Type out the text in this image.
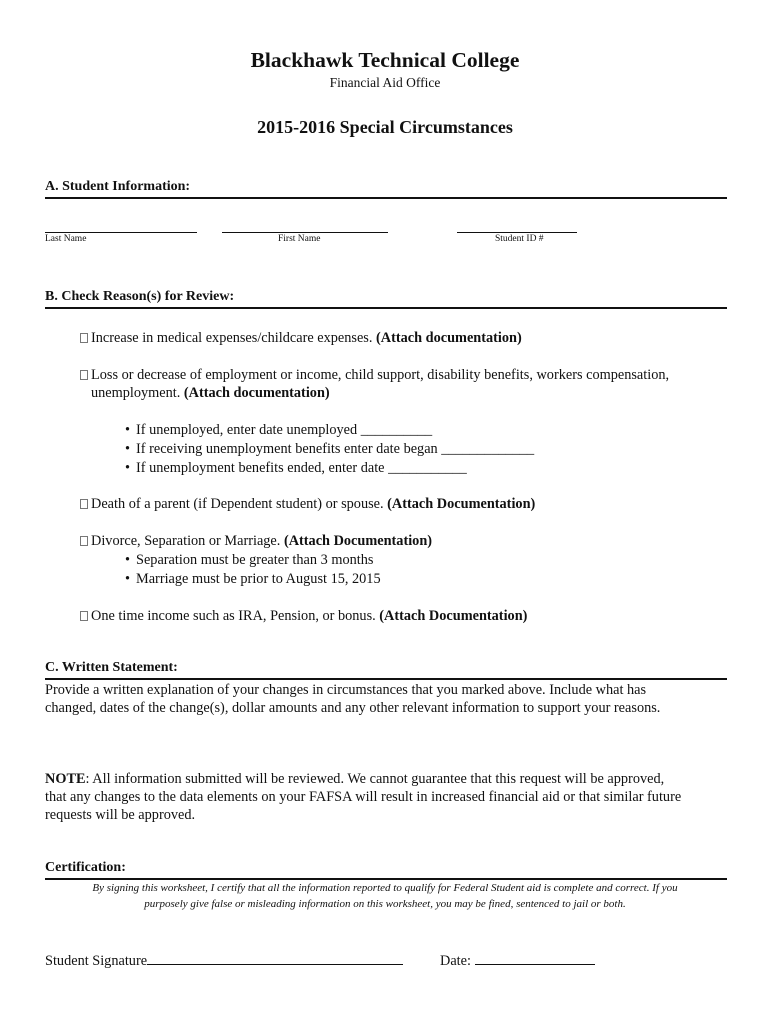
Blackhawk Technical College
Financial Aid Office
2015-2016 Special Circumstances
A. Student Information:
Last Name	First Name	Student ID #
B. Check Reason(s) for Review:
Increase in medical expenses/childcare expenses. (Attach documentation)
Loss or decrease of employment or income, child support, disability benefits, workers compensation,
unemployment. (Attach documentation)
• If unemployed, enter date unemployed __________
• If receiving unemployment benefits enter date began _____________
• If unemployment benefits ended, enter date ___________
Death of a parent (if Dependent student) or spouse. (Attach Documentation)
Divorce, Separation or Marriage. (Attach Documentation)
• Separation must be greater than 3 months
• Marriage must be prior to August 15, 2015
One time income such as IRA, Pension, or bonus. (Attach Documentation)
C. Written Statement:
Provide a written explanation of your changes in circumstances that you marked above. Include what has
changed, dates of the change(s), dollar amounts and any other relevant information to support your reasons.
NOTE: All information submitted will be reviewed. We cannot guarantee that this request will be approved,
that any changes to the data elements on your FAFSA will result in increased financial aid or that similar future
requests will be approved.
Certification:
By signing this worksheet, I certify that all the information reported to qualify for Federal Student aid is complete and correct. If you
purposely give false or misleading information on this worksheet, you may be fined, sentenced to jail or both.
Student Signature	Date:
